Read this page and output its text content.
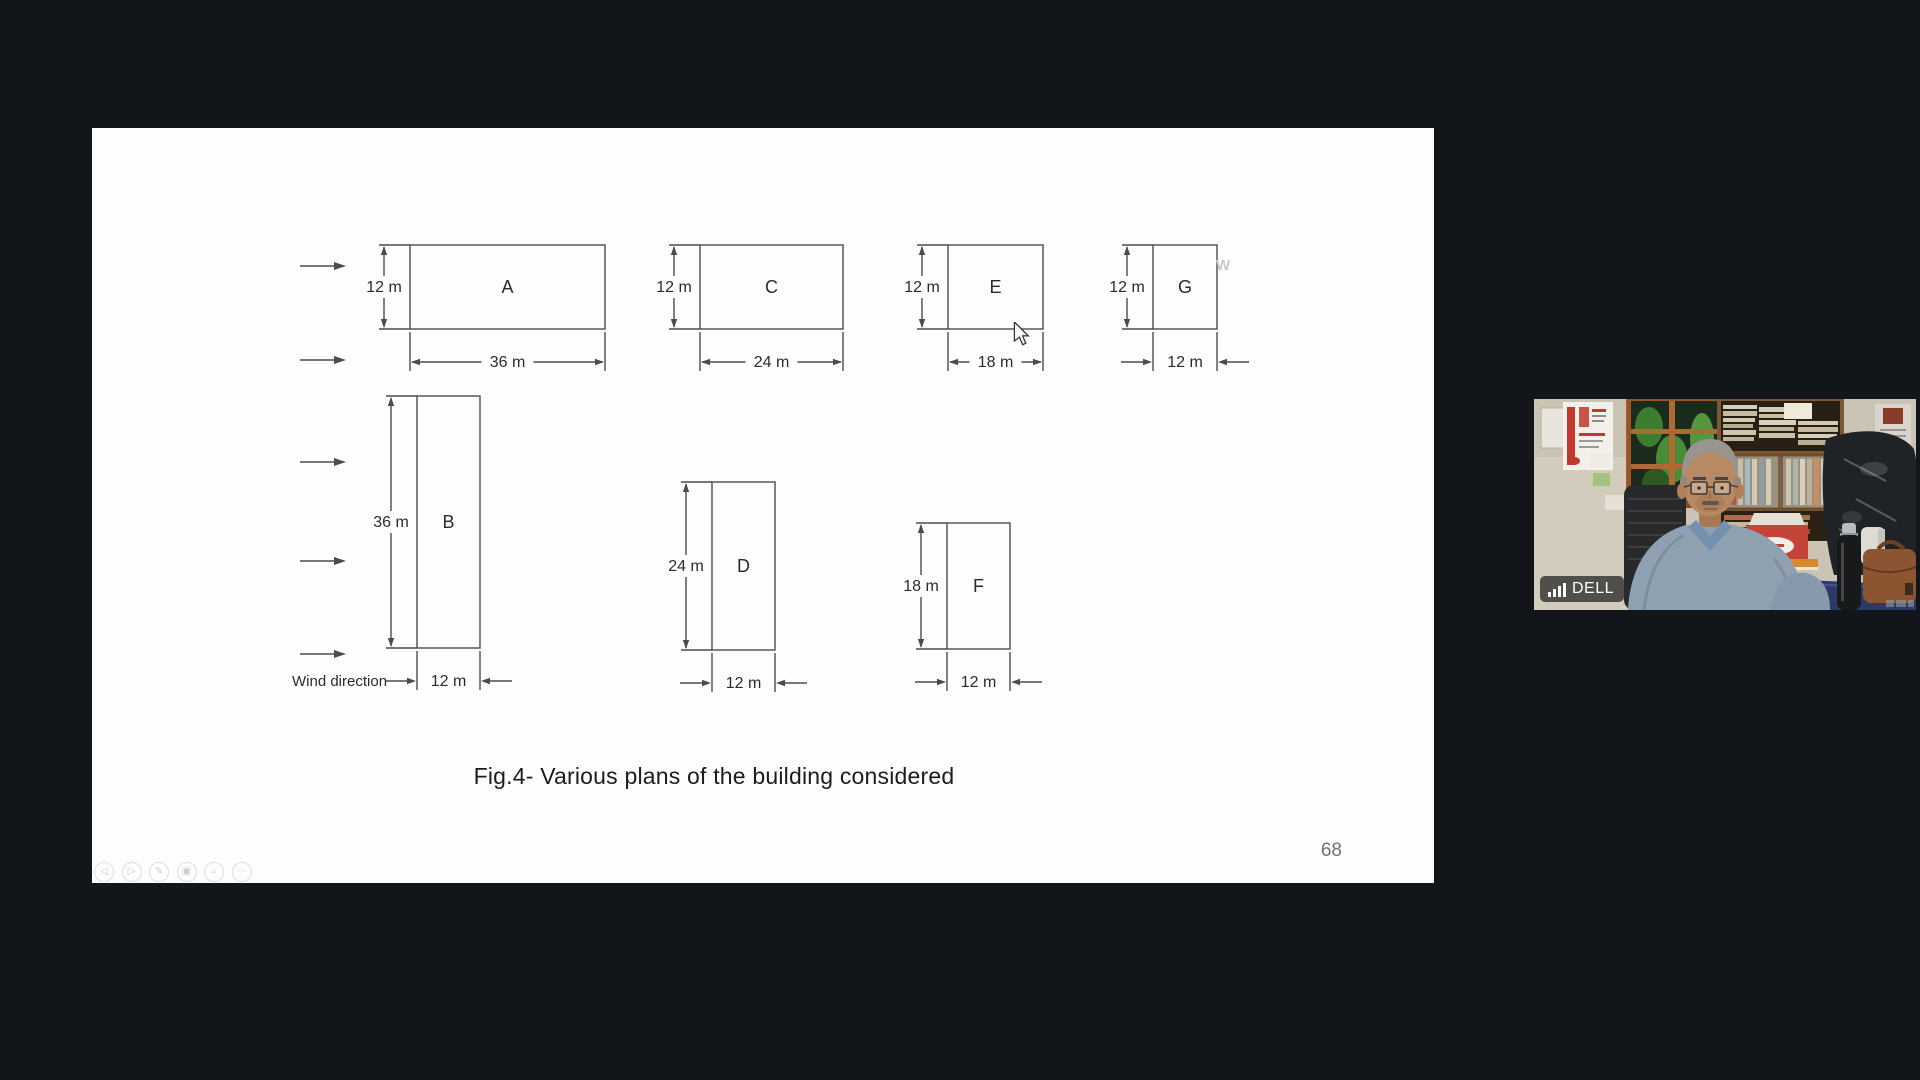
12 m
36 m
A	12 m
24 m
C	12 m
18 m
E	12 m
12 m
G
36 m
12 m
B
24 m
12 m
D
18 m
12 m
F
Wind direction
Fig.4- Various plans of the building considered
68
W
◁	▷	✎	▣	⌕	⋯
DELL
